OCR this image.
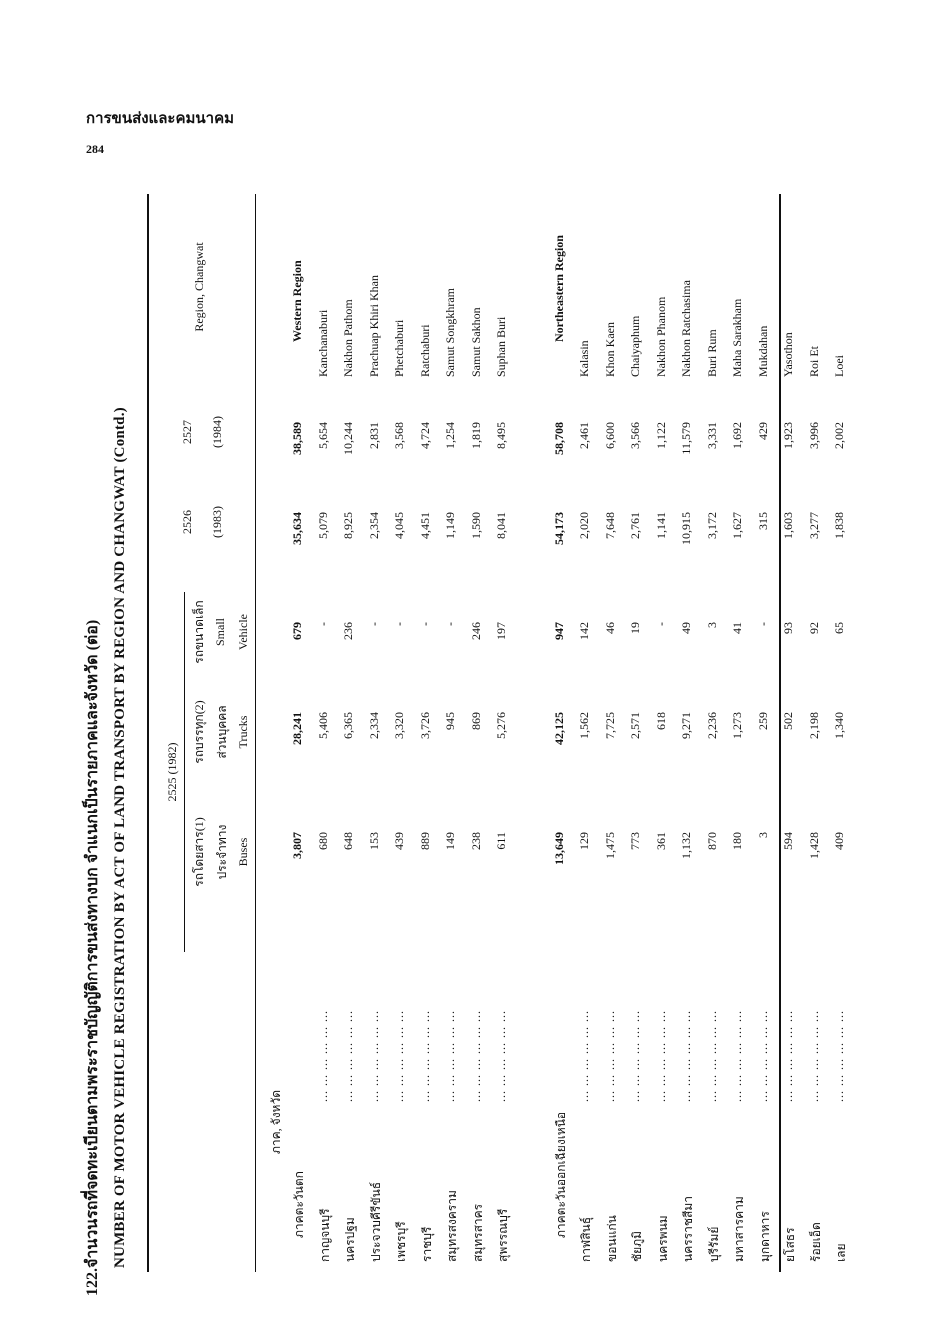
การขนส่งและคมนาคม
284
122.จำนวนรถที่จดทะเบียนตามพระราชบัญญัติการขนส่งทางบก จำแนกเป็นรายภาคและจังหวัด (ต่อ) NUMBER OF MOTOR VEHICLE REGISTRATION BY ACT OF LAND TRANSPORT BY REGION AND CHANGWAT (Contd.)	ภาค, จังหวัด
2525 (1982)
รถโดยสาร(1) ประจำทาง Buses
รถบรรทุก(2) ส่วนบุคคล Trucks
รถขนาดเล็ก Small Vehicle
2526 (1983)
2527 (1984)
Region, Changwat
ภาคตะวันตก
3,807
28,241
679
35,634
38,589
Western Region
กาญจนบุรี
... ... ... ... ... ...
680
5,406
-
5,079
5,654
Kanchanaburi
นครปฐม
... ... ... ... ... ...
648
6,365
236
8,925
10,244
Nakhon Pathom
ประจวบคีรีขันธ์
... ... ... ... ... ...
153
2,334
-
2,354
2,831
Prachuap Khiri Khan
เพชรบุรี
... ... ... ... ... ...
439
3,320
-
4,045
3,568
Phetchaburi
ราชบุรี
... ... ... ... ... ...
889
3,726
-
4,451
4,724
Ratchaburi
สมุทรสงคราม
... ... ... ... ... ...
149
945
-
1,149
1,254
Samut Songkhram
สมุทรสาคร
... ... ... ... ... ...
238
869
246
1,590
1,819
Samut Sakhon
สุพรรณบุรี
... ... ... ... ... ...
611
5,276
197
8,041
8,495
Suphan Buri
ภาคตะวันออกเฉียงเหนือ
13,649
42,125
947
54,173
58,708
Northeastern Region
กาฬสินธุ์
... ... ... ... ... ...
129
1,562
142
2,020
2,461
Kalasin
ขอนแก่น
... ... ... ... ... ...
1,475
7,725
46
7,648
6,600
Khon Kaen
ชัยภูมิ
... ... ... ... ... ...
773
2,571
19
2,761
3,566
Chaiyaphum
นครพนม
... ... ... ... ... ...
361
618
-
1,141
1,122
Nakhon Phanom
นครราชสีมา
... ... ... ... ... ...
1,132
9,271
49
10,915
11,579
Nakhon Ratchasima
บุรีรัมย์
... ... ... ... ... ...
870
2,236
3
3,172
3,331
Buri Rum
มหาสารคาม
... ... ... ... ... ...
180
1,273
41
1,627
1,692
Maha Sarakham
มุกดาหาร
... ... ... ... ... ...
3
259
-
315
429
Mukdahan
ยโสธร
... ... ... ... ... ...
594
502
93
1,603
1,923
Yasothon
ร้อยเอ็ด
... ... ... ... ... ...
1,428
2,198
92
3,277
3,996
Roi Et
เลย
... ... ... ... ... ...
409
1,340
65
1,838
2,002
Loei
